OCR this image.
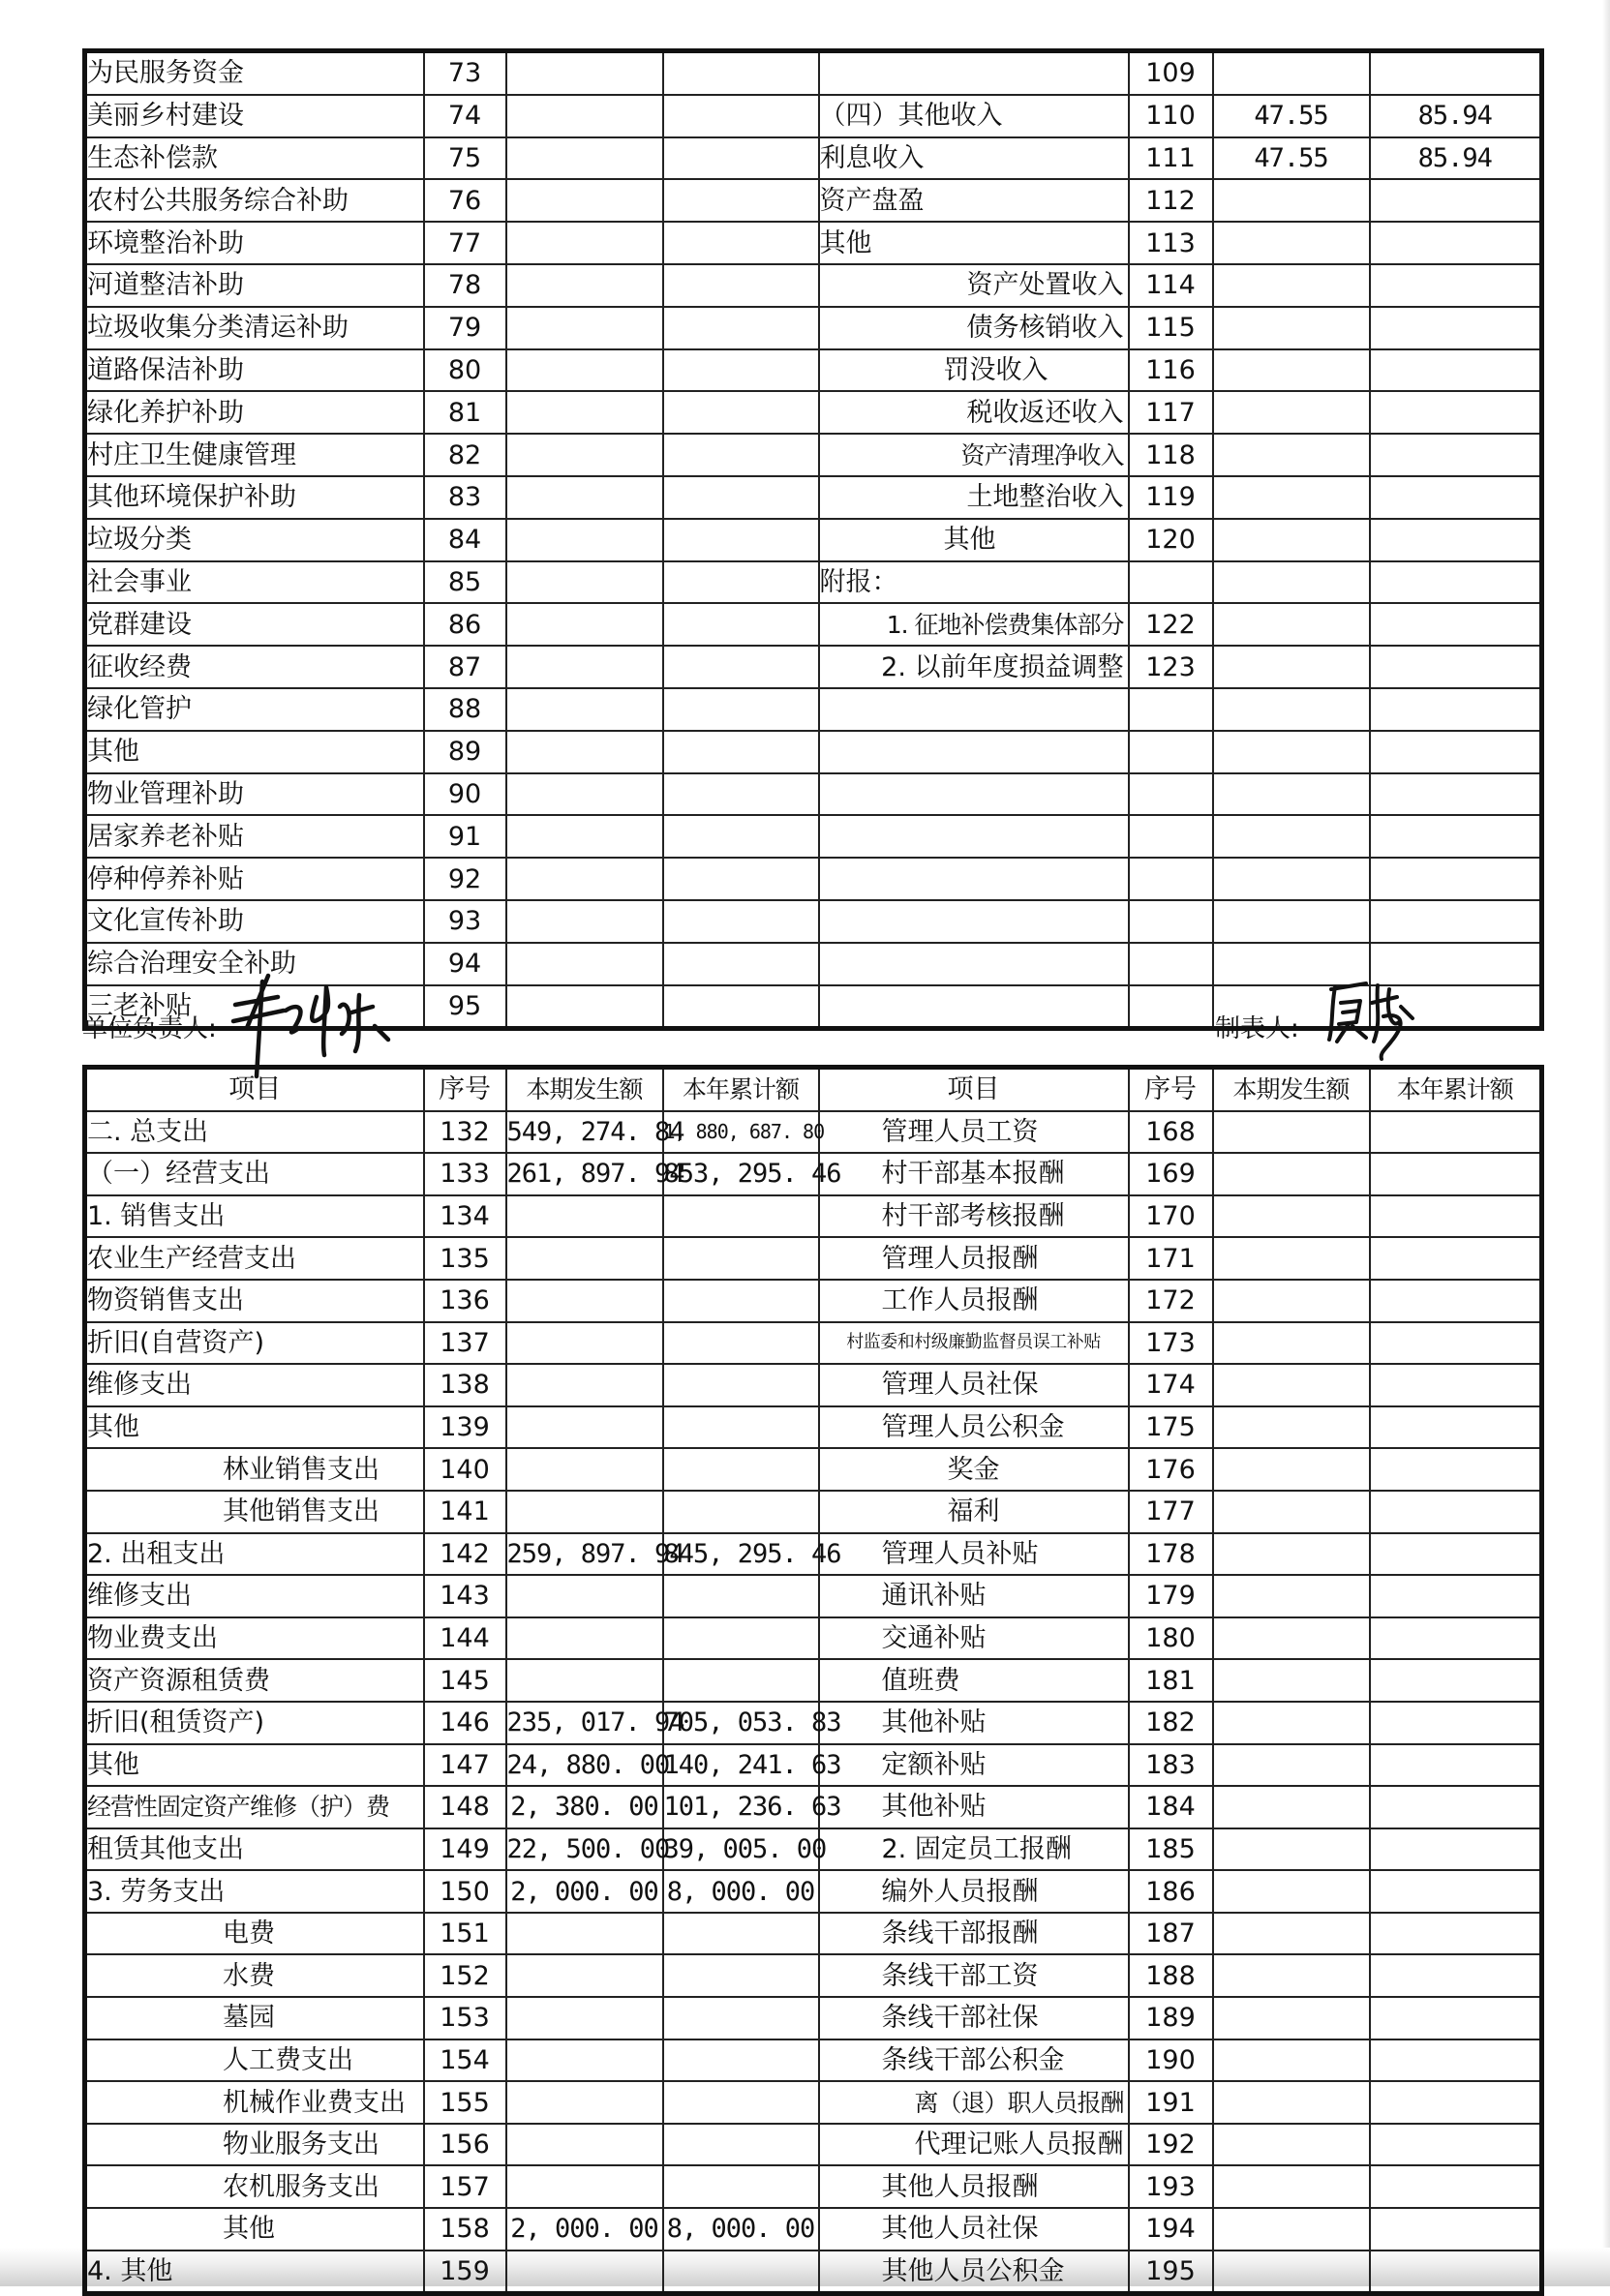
为民服务资金	73				109		
美丽乡村建设	74			（四）其他收入	110	47.55	85.94
生态补偿款	75			利息收入	111	47.55	85.94
农村公共服务综合补助	76			资产盘盈	112		
环境整治补助	77			其他	113		
河道整洁补助	78			资产处置收入	114		
垃圾收集分类清运补助	79			债务核销收入	115		
道路保洁补助	80			罚没收入	116		
绿化养护补助	81			税收返还收入	117		
村庄卫生健康管理	82			资产清理净收入	118		
其他环境保护补助	83			土地整治收入	119		
垃圾分类	84			其他	120		
社会事业	85			附报：			
党群建设	86			1. 征地补偿费集体部分	122		
征收经费	87			2. 以前年度损益调整	123		
绿化管护	88						
其他	89						
物业管理补助	90						
居家养老补贴	91						
停种停养补贴	92						
文化宣传补助	93						
综合治理安全补助	94						
三老补贴	95						
单位负责人:	制表人:
项目	序号	本期发生额	本年累计额	项目	序号	本期发生额	本年累计额
二. 总支出	132	549, 274. 84	1, 880, 687. 80	管理人员工资	168		
（一）经营支出	133	261, 897. 94	853, 295. 46	村干部基本报酬	169		
1. 销售支出	134			村干部考核报酬	170		
农业生产经营支出	135			管理人员报酬	171		
物资销售支出	136			工作人员报酬	172		
折旧(自营资产)	137			村监委和村级廉勤监督员误工补贴	173		
维修支出	138			管理人员社保	174		
其他	139			管理人员公积金	175		
林业销售支出	140			奖金	176		
其他销售支出	141			福利	177		
2. 出租支出	142	259, 897. 94	845, 295. 46	管理人员补贴	178		
维修支出	143			通讯补贴	179		
物业费支出	144			交通补贴	180		
资产资源租赁费	145			值班费	181		
折旧(租赁资产)	146	235, 017. 94	705, 053. 83	其他补贴	182		
其他	147	24, 880. 00	140, 241. 63	定额补贴	183		
经营性固定资产维修（护）费	148	2, 380. 00	101, 236. 63	其他补贴	184		
租赁其他支出	149	22, 500. 00	39, 005. 00	2. 固定员工报酬	185		
3. 劳务支出	150	2, 000. 00	8, 000. 00	编外人员报酬	186		
电费	151			条线干部报酬	187		
水费	152			条线干部工资	188		
墓园	153			条线干部社保	189		
人工费支出	154			条线干部公积金	190		
机械作业费支出	155			离（退）职人员报酬	191		
物业服务支出	156			代理记账人员报酬	192		
农机服务支出	157			其他人员报酬	193		
其他	158	2, 000. 00	8, 000. 00	其他人员社保	194		
4. 其他	159			其他人员公积金	195		
